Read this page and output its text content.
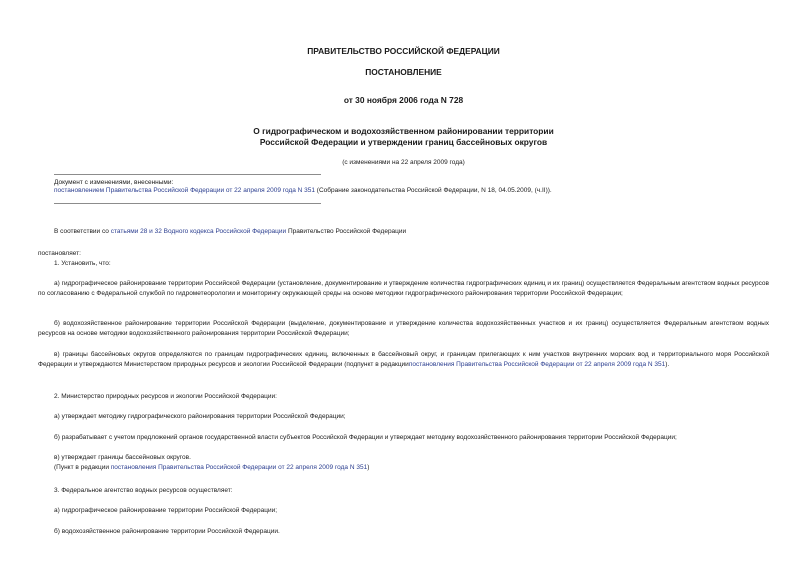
ПРАВИТЕЛЬСТВО РОССИЙСКОЙ ФЕДЕРАЦИИ
ПОСТАНОВЛЕНИЕ
от 30 ноября 2006 года N 728
О гидрографическом и водохозяйственном районировании территории
Российской Федерации и утверждении границ бассейновых округов
(с изменениями на 22 апреля 2009 года)
Документ с изменениями, внесенными:
постановлением Правительства Российской Федерации от 22 апреля 2009 года N 351 (Собрание законодательства Российской Федерации, N 18, 04.05.2009, (ч.II)).
В соответствии со статьями 28 и 32 Водного кодекса Российской Федерации Правительство Российской Федерации
постановляет:
1. Установить, что:
а) гидрографическое районирование территории Российской Федерации (установление, документирование и утверждение количества гидрографических единиц и их границ) осуществляется Федеральным агентством водных ресурсов по согласованию с Федеральной службой по гидрометеорологии и мониторингу окружающей среды на основе методики гидрографического районирования территории Российской Федерации;
б) водохозяйственное районирование территории Российской Федерации (выделение, документирование и утверждение количества водохозяйственных участков и их границ) осуществляется Федеральным агентством водных ресурсов на основе методики водохозяйственного районирования территории Российской Федерации;
в) границы бассейновых округов определяются по границам гидрографических единиц, включенных в бассейновый округ, и границам прилегающих к ним участков внутренних морских вод и территориального моря Российской Федерации и утверждаются Министерством природных ресурсов и экологии Российской Федерации (подпункт в редакциипостановления Правительства Российской Федерации от 22 апреля 2009 года N 351).
2. Министерство природных ресурсов и экологии Российской Федерации:
а) утверждает методику гидрографического районирования территории Российской Федерации;
б) разрабатывает с учетом предложений органов государственной власти субъектов Российской Федерации и утверждает методику водохозяйственного районирования территории Российской Федерации;
в) утверждает границы бассейновых округов.
(Пункт в редакции постановления Правительства Российской Федерации от 22 апреля 2009 года N 351)
3. Федеральное агентство водных ресурсов осуществляет:
а) гидрографическое районирование территории Российской Федерации;
б) водохозяйственное районирование территории Российской Федерации.
